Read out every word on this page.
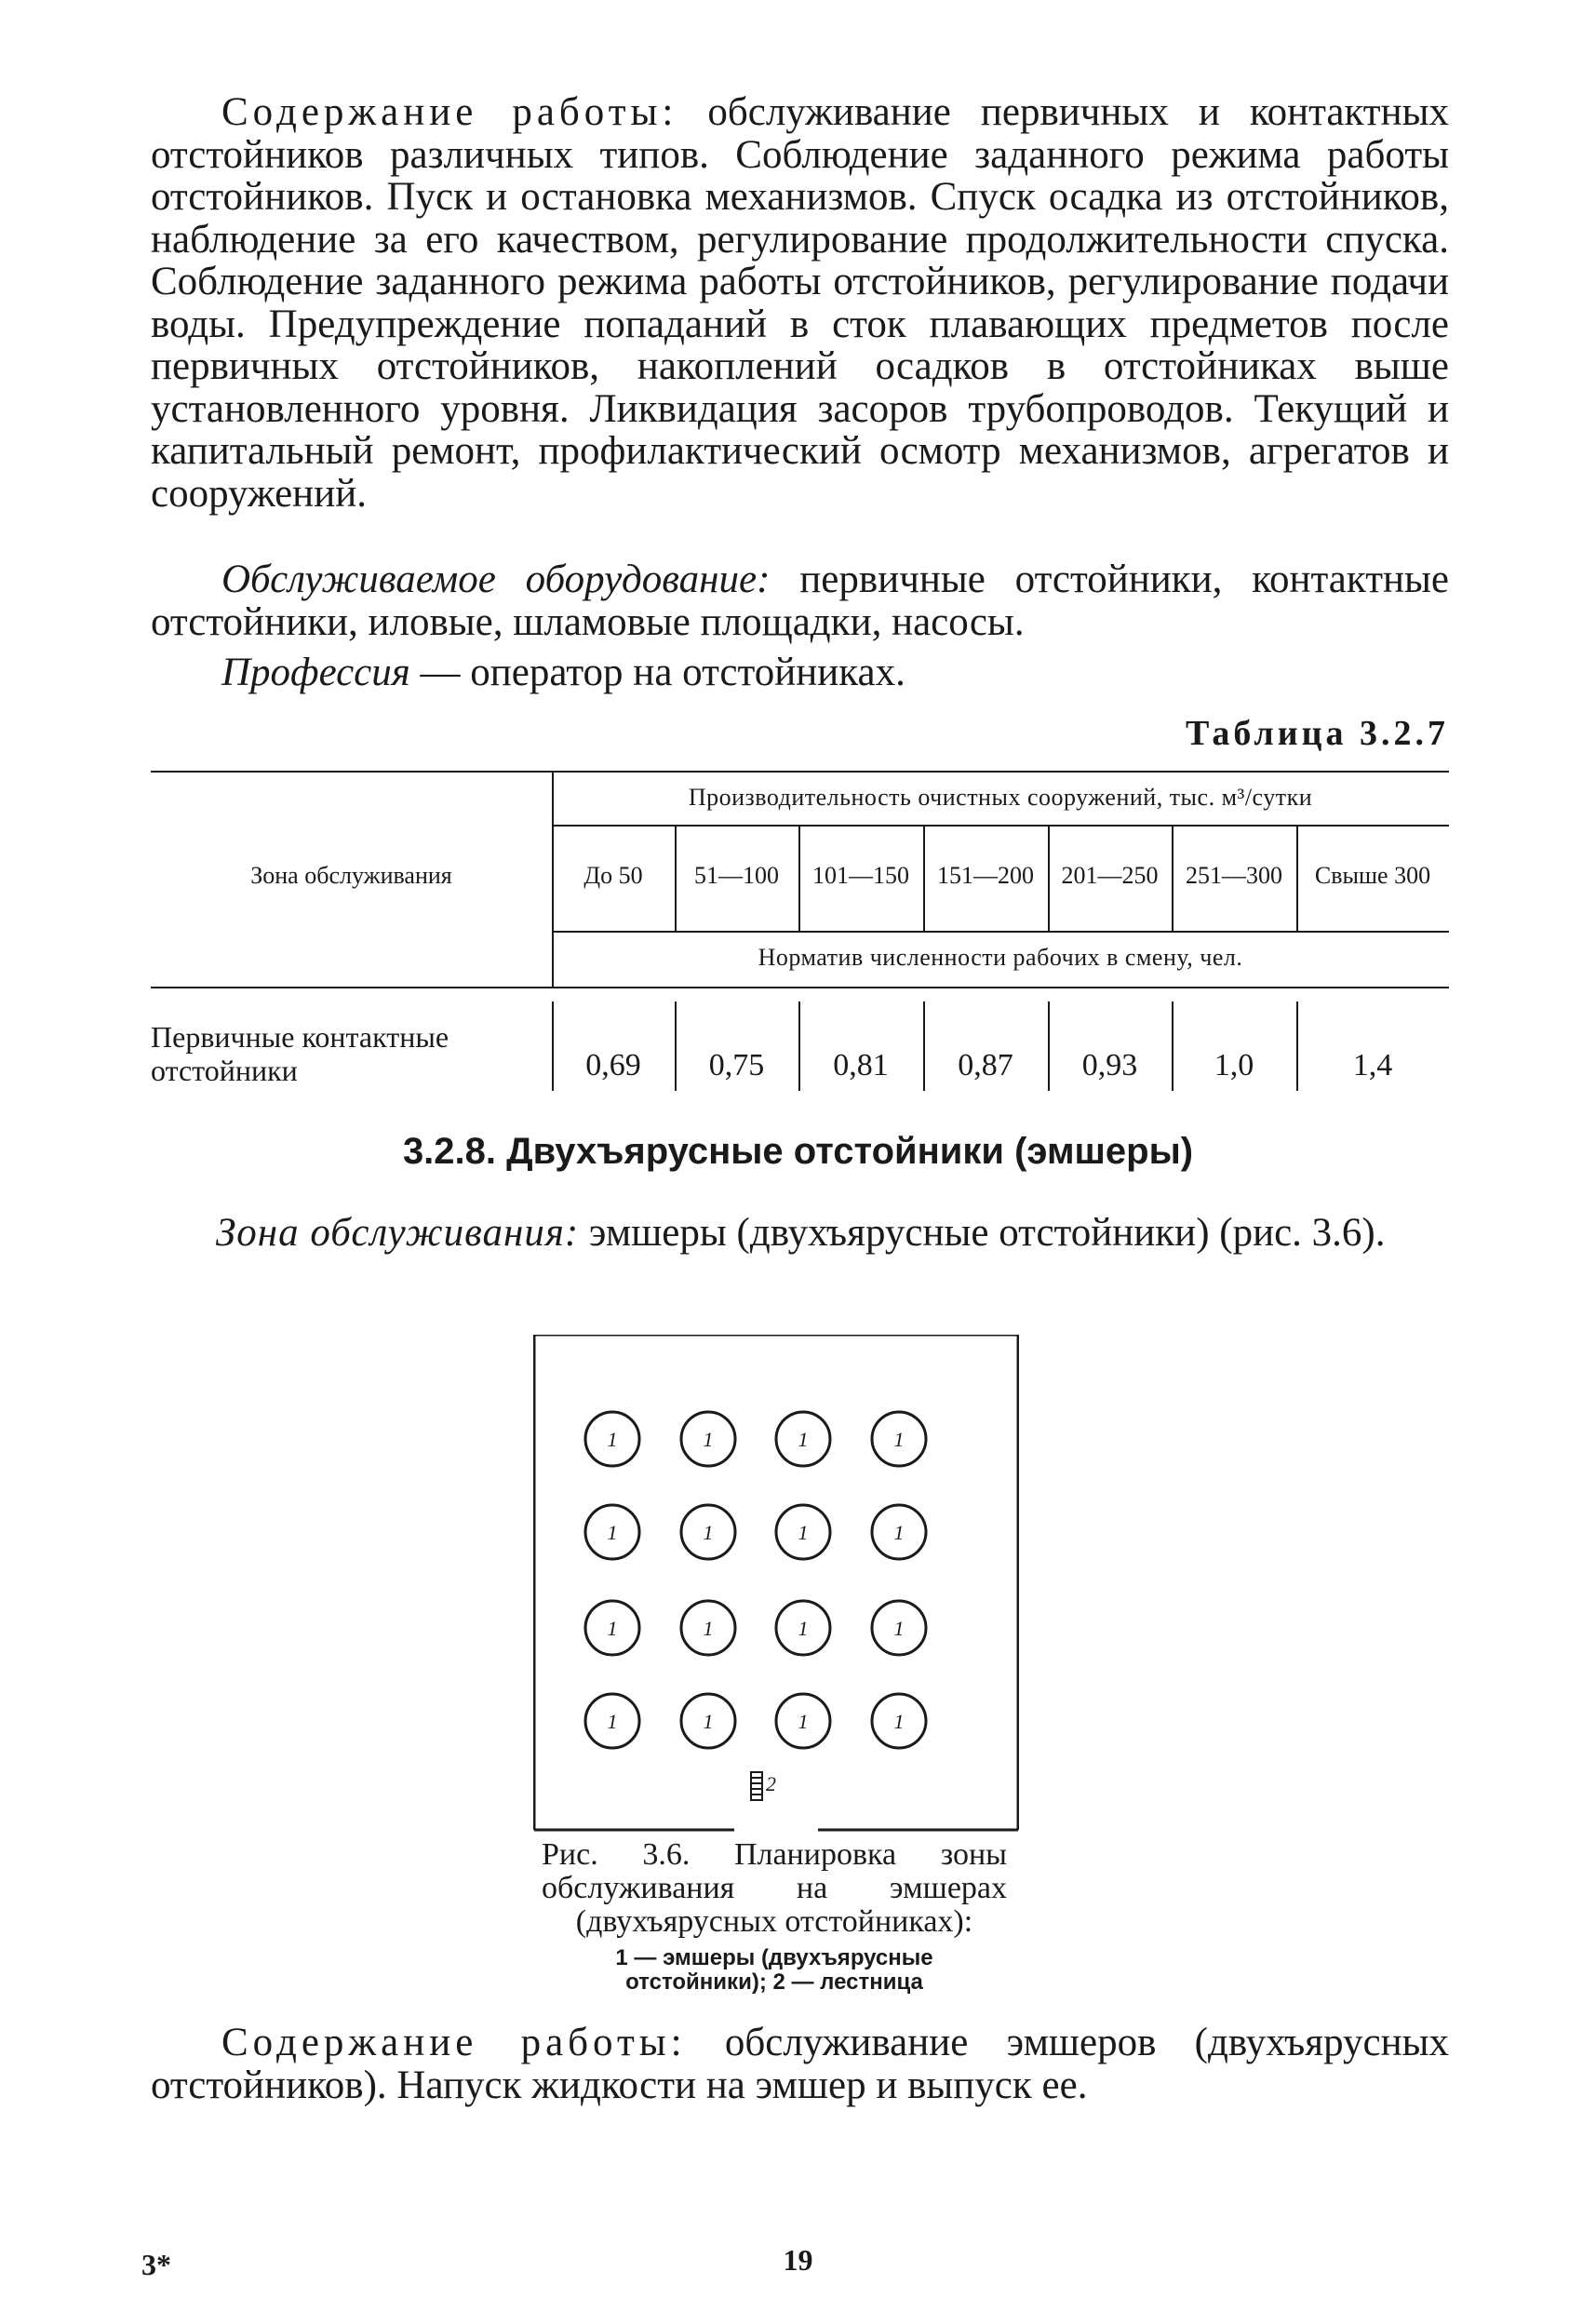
Содержание работы: обслуживание первичных и контактных отстойников различных типов. Соблюдение заданного режима работы отстойников. Пуск и остановка механизмов. Спуск осадка из отстойников, наблюдение за его качеством, регулирование продолжительности спуска. Соблюдение заданного режима работы отстойников, регулирование подачи воды. Предупреждение попаданий в сток плавающих предметов после первичных отстойников, накоплений осадков в отстойниках выше установленного уровня. Ликвидация засоров трубопроводов. Текущий и капитальный ремонт, профилактический осмотр механизмов, агрегатов и сооружений.

Обслуживаемое оборудование: первичные отстойники, контактные отстойники, иловые, шламовые площадки, насосы.

Профессия — оператор на отстойниках.

Таблица 3.2.7
Зона обслуживания
Производительность очистных сооружений, тыс. м³/сутки
До 50	51—100	101—150	151—200	201—250	251—300	Свыше 300
Норматив численности рабочих в смену, чел.
Первичные контактные отстойники	0,69	0,75	0,81	0,87	0,93	1,0	1,4
3.2.8. Двухъярусные отстойники (эмшеры)

Зона обслуживания: эмшеры (двухъярусные отстойники) (рис. 3.6).

1	1	1	1
1	1	1	1
1	1	1	1
1	1	1	1
2
Рис. 3.6. Планировка зоны обслуживания на эмшерах (двухъярусных отстойниках):
1 — эмшеры (двухъярусные отстойники); 2 — лестница

Содержание работы: обслуживание эмшеров (двухъярусных отстойников). Напуск жидкости на эмшер и выпуск ее.

3*	19
